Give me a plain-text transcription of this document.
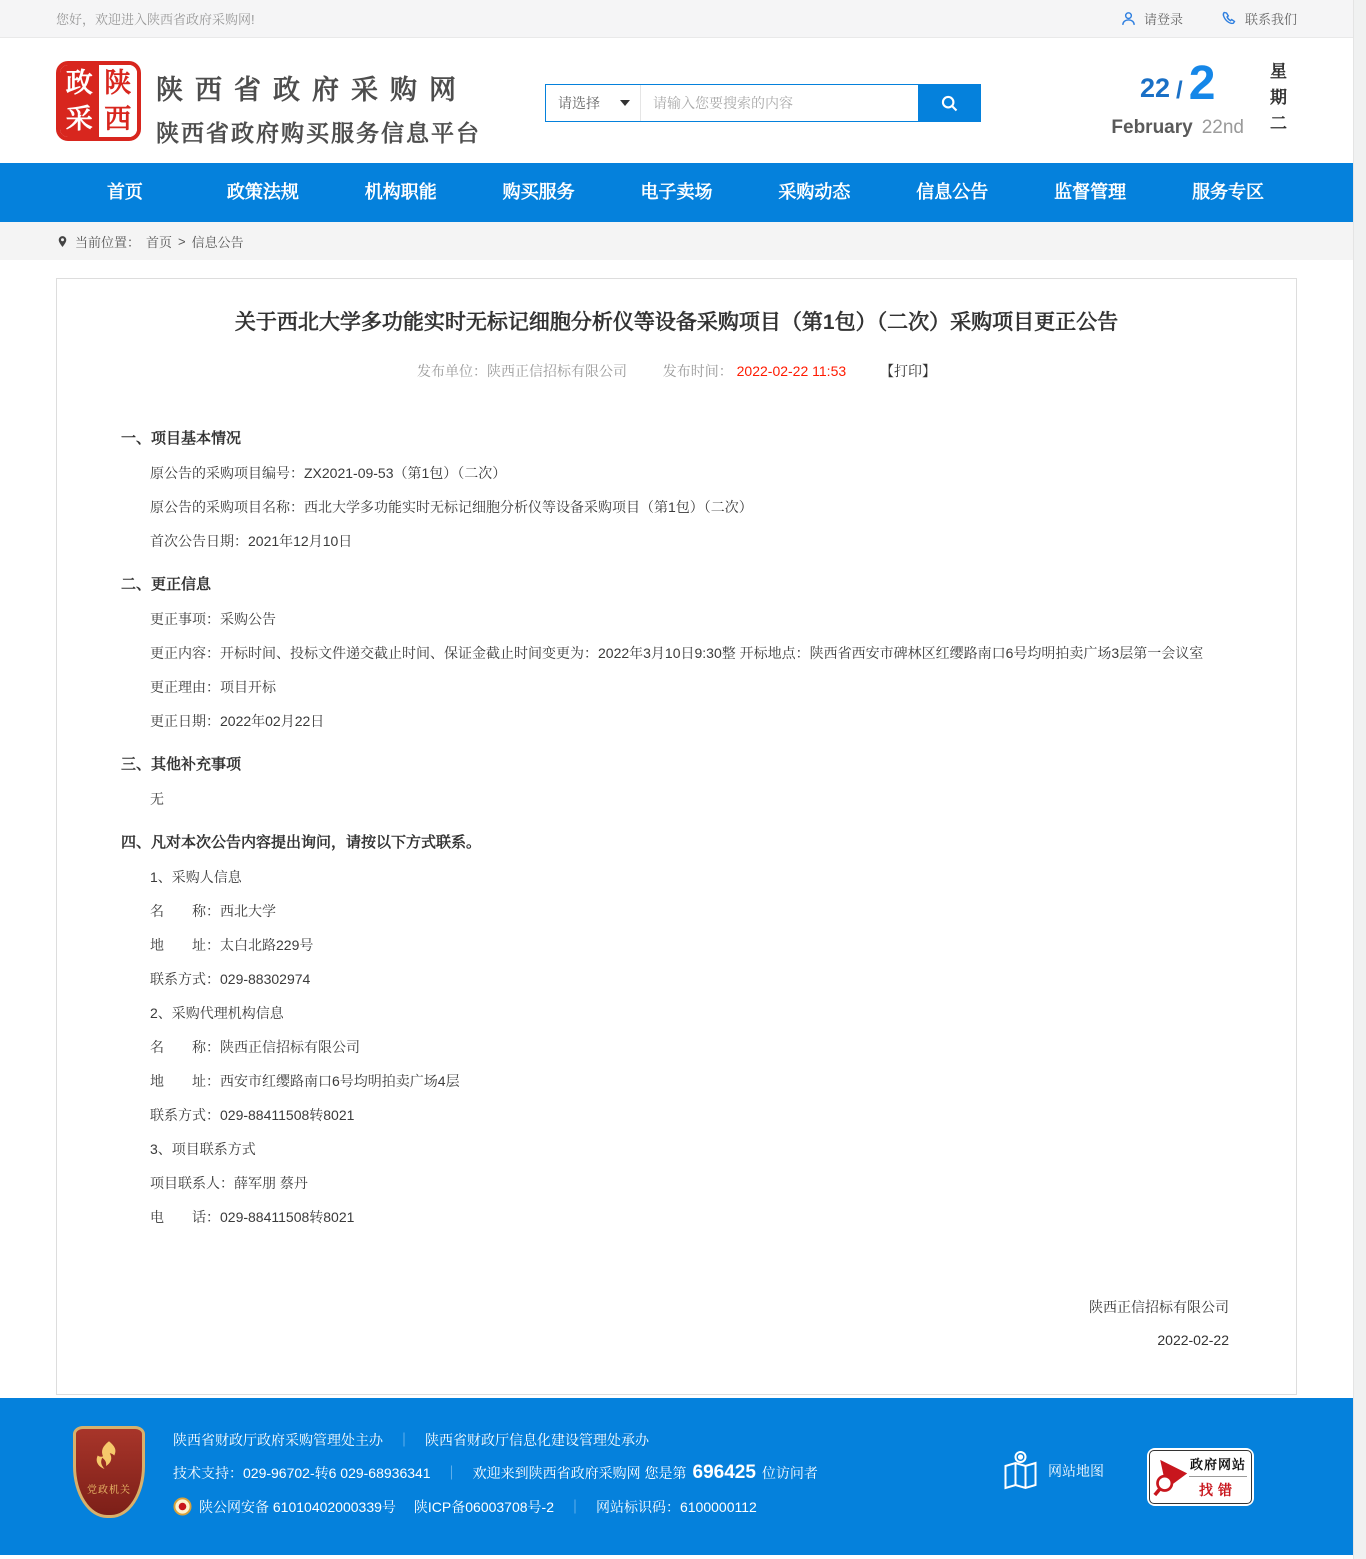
您好，欢迎进入陕西省政府采购网!	请登录	联系我们
政 陕
采 西
陕西省政府采购网
陕西省政府购买服务信息平台
请选择
请输入您要搜索的内容	22 / 2
February 22nd 星期二
首页	政策法规	机构职能	购买服务	电子卖场	采购动态	信息公告	监督管理	服务专区
当前位置： 首页 > 信息公告
关于西北大学多功能实时无标记细胞分析仪等设备采购项目（第1包）（二次）采购项目更正公告
发布单位：陕西正信招标有限公司	发布时间： 2022-02-22 11:53 【打印】
一、项目基本情况
原公告的采购项目编号：ZX2021-09-53（第1包）（二次）
原公告的采购项目名称：西北大学多功能实时无标记细胞分析仪等设备采购项目（第1包）（二次）
首次公告日期：2021年12月10日
二、更正信息
更正事项：采购公告
更正内容：开标时间、投标文件递交截止时间、保证金截止时间变更为：2022年3月10日9:30整 开标地点：陕西省西安市碑林区红缨路南口6号均明拍卖广场3层第一会议室
更正理由：项目开标
更正日期：2022年02月22日
三、其他补充事项
无
四、凡对本次公告内容提出询问，请按以下方式联系。
1、采购人信息
名　　称：西北大学
地　　址：太白北路229号
联系方式：029-88302974
2、采购代理机构信息
名　　称：陕西正信招标有限公司
地　　址：西安市红缨路南口6号均明拍卖广场4层
联系方式：029-88411508转8021
3、项目联系方式
项目联系人：薛军朋 蔡丹
电　　话：029-88411508转8021
陕西正信招标有限公司
2022-02-22
党政机关
陕西省财政厅政府采购管理处主办 ｜ 陕西省财政厅信息化建设管理处承办
技术支持：029-96702-转6 029-68936341 ｜ 欢迎来到陕西省政府采购网 您是第 696425 位访问者
陕公网安备 61010402000339号 陕ICP备06003708号-2 ｜ 网站标识码：6100000112
网站地图	政府网站
找错
